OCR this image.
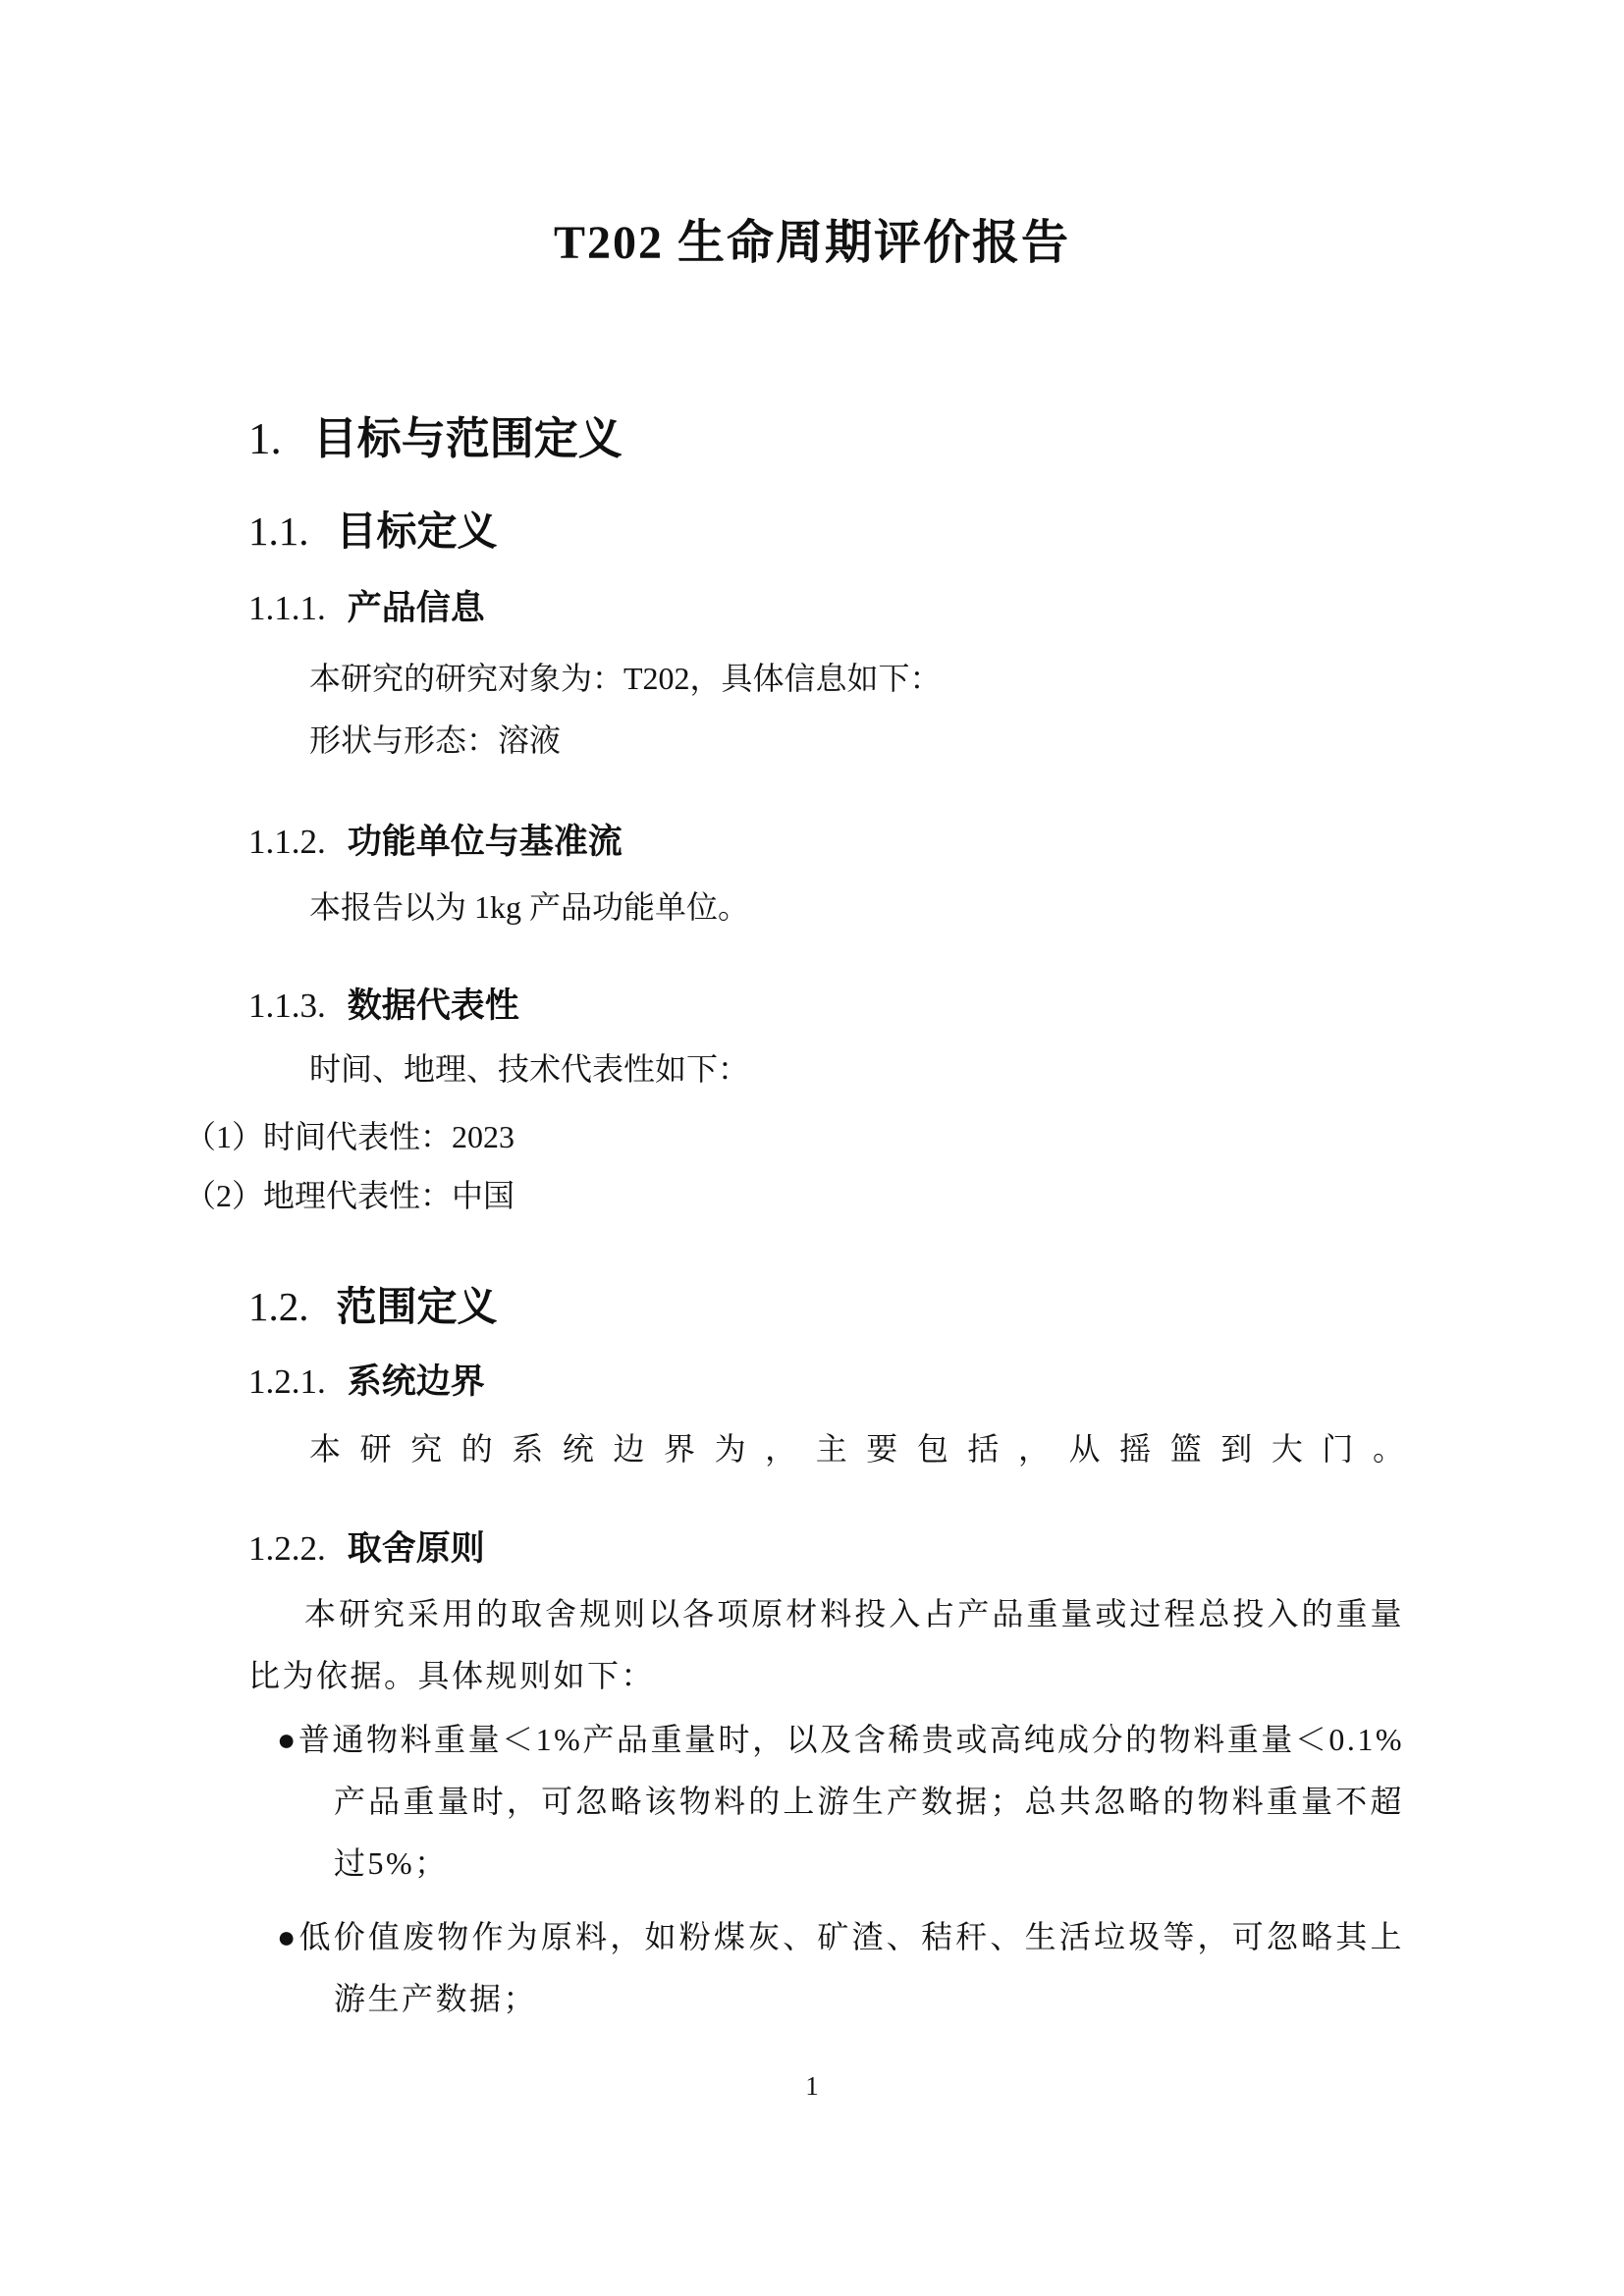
T202 生命周期评价报告
1. 目标与范围定义
1.1. 目标定义
1.1.1. 产品信息
本研究的研究对象为：T202，具体信息如下：
形状与形态：溶液
1.1.2. 功能单位与基准流
本报告以为 1kg 产品功能单位。
1.1.3. 数据代表性
时间、地理、技术代表性如下：
（1）时间代表性：2023
（2）地理代表性：中国
1.2. 范围定义
1.2.1. 系统边界
本研究的系统边界为，主要包括，从摇篮到大门。
1.2.2. 取舍原则
本研究采用的取舍规则以各项原材料投入占产品重量或过程总投入的重量比为依据。具体规则如下：
●普通物料重量＜1%产品重量时，以及含稀贵或高纯成分的物料重量＜0.1%产品重量时，可忽略该物料的上游生产数据；总共忽略的物料重量不超过5%；
●低价值废物作为原料，如粉煤灰、矿渣、秸秆、生活垃圾等，可忽略其上游生产数据；
1
